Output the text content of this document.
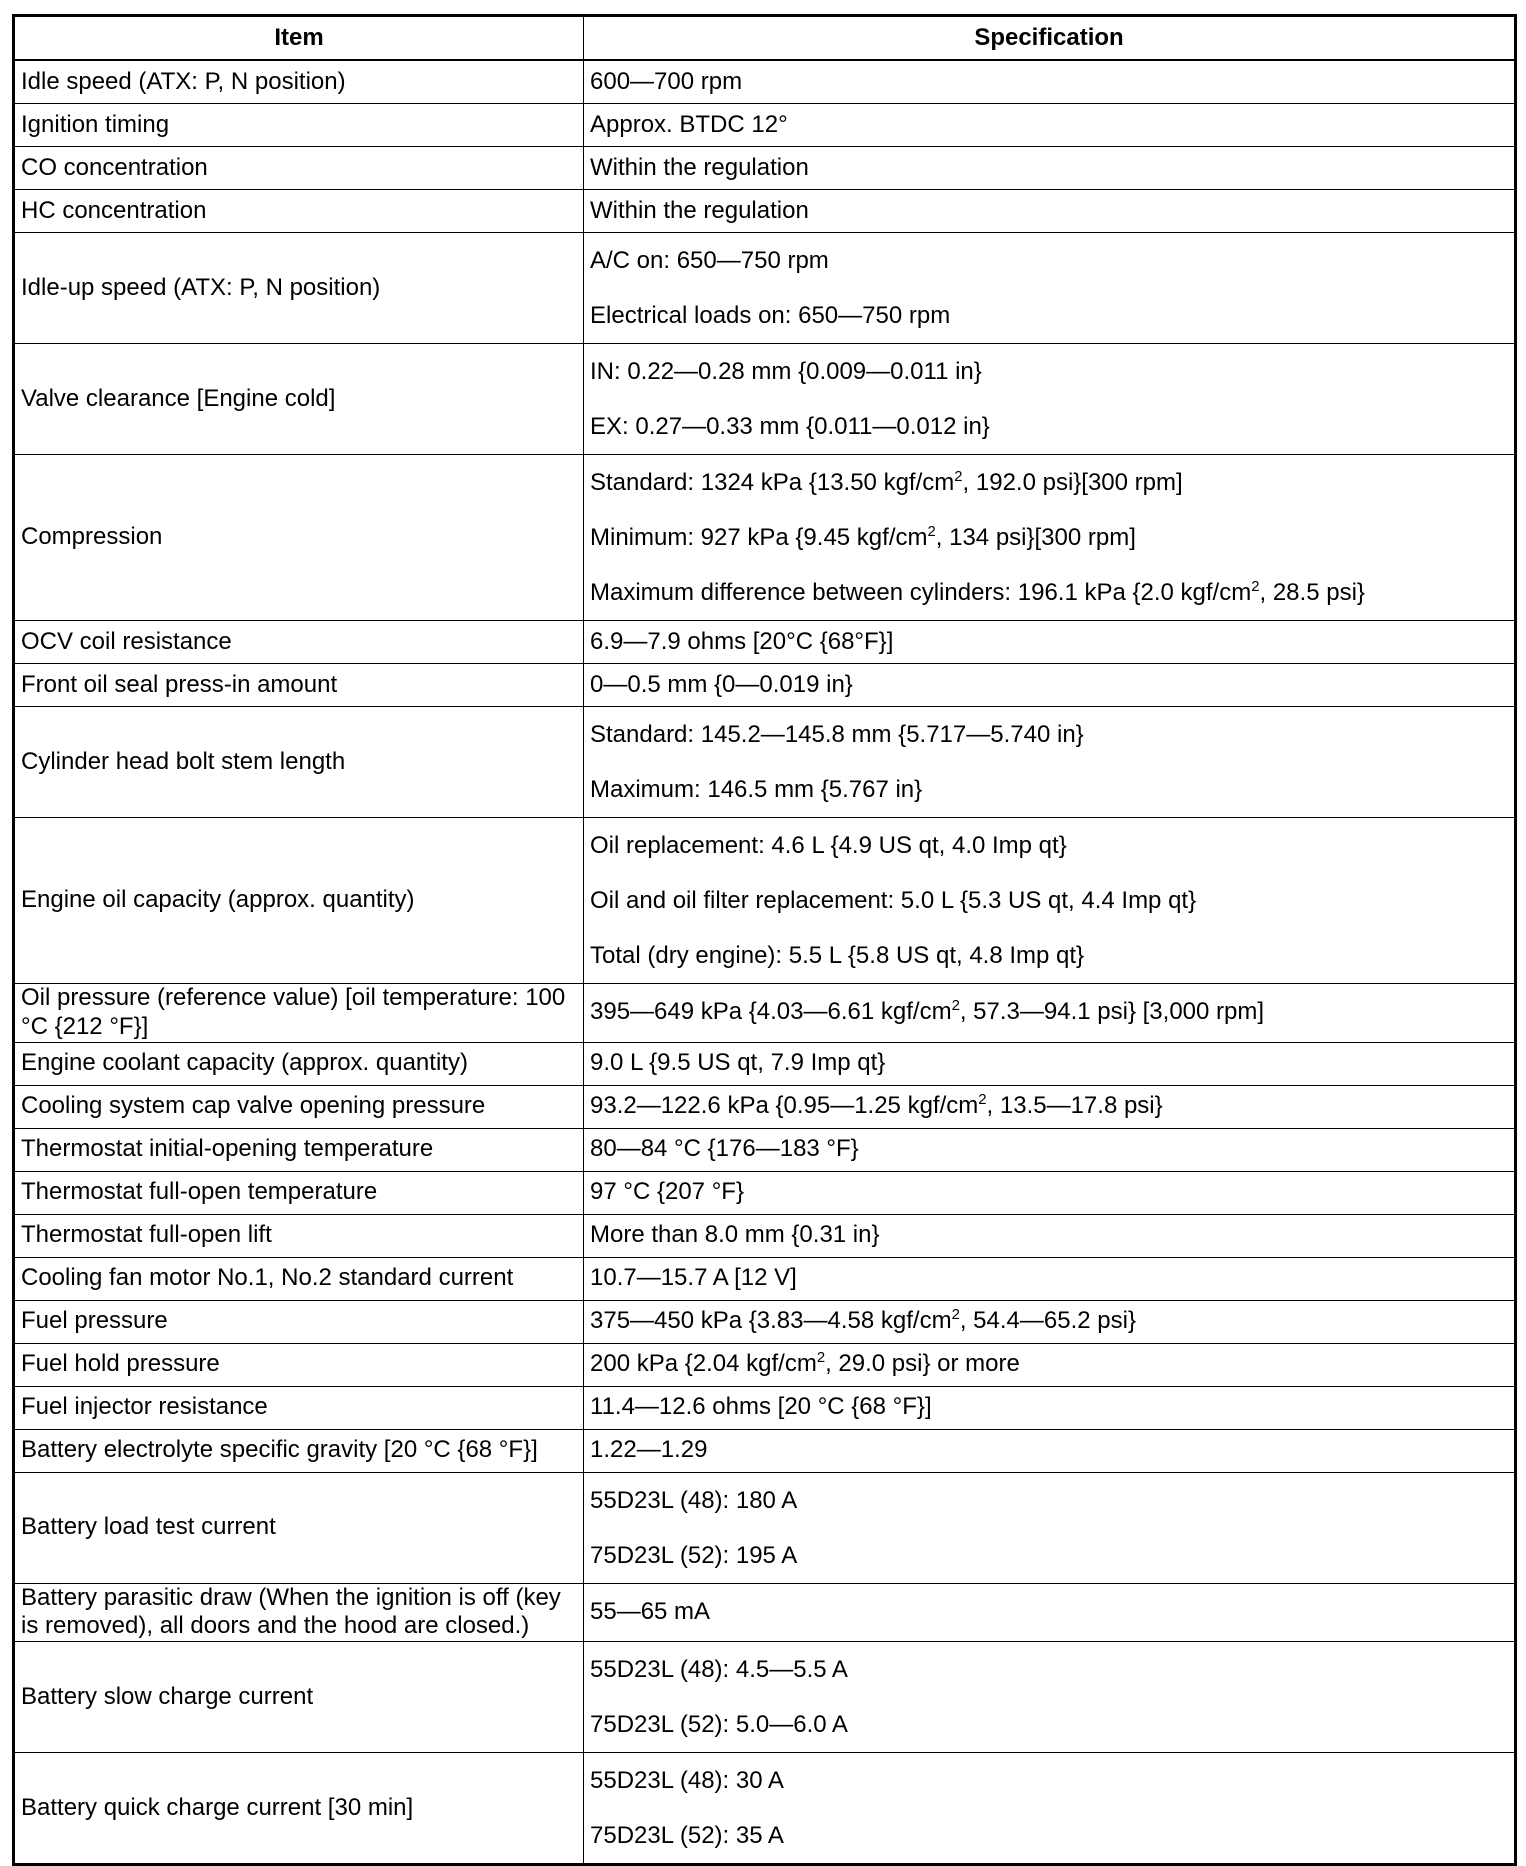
Item	Specification
Idle speed (ATX: P, N position)	600—700 rpm
Ignition timing	Approx. BTDC 12°
CO concentration	Within the regulation
HC concentration	Within the regulation
Idle-up speed (ATX: P, N position)	A/C on: 650—750 rpm
Electrical loads on: 650—750 rpm

Valve clearance [Engine cold]	IN: 0.22—0.28 mm {0.009—0.011 in}
EX: 0.27—0.33 mm {0.011—0.012 in}

Compression	Standard: 1324 kPa {13.50 kgf/$cm^2$, 192.0 psi}[300 rpm]
Minimum: 927 kPa {9.45 kgf/$cm^2$, 134 psi}[300 rpm]
Maximum difference between cylinders: 196.1 kPa {2.0 kgf/$cm^2$, 28.5 psi}

OCV coil resistance	6.9—7.9 ohms [20°C {68°F}]
Front oil seal press-in amount	0—0.5 mm {0—0.019 in}
Cylinder head bolt stem length	Standard: 145.2—145.8 mm {5.717—5.740 in}
Maximum: 146.5 mm {5.767 in}

Engine oil capacity (approx. quantity)	Oil replacement: 4.6 L {4.9 US qt, 4.0 Imp qt}
Oil and oil filter replacement: 5.0 L {5.3 US qt, 4.4 Imp qt}
Total (dry engine): 5.5 L {5.8 US qt, 4.8 Imp qt}

Oil pressure (reference value) [oil temperature: 100 °C {212 °F}]	395—649 kPa {4.03—6.61 kgf/$cm^2$, 57.3—94.1 psi} [3,000 rpm]
Engine coolant capacity (approx. quantity)	9.0 L {9.5 US qt, 7.9 Imp qt}
Cooling system cap valve opening pressure	93.2—122.6 kPa {0.95—1.25 kgf/$cm^2$, 13.5—17.8 psi}
Thermostat initial-opening temperature	80—84 °C {176—183 °F}
Thermostat full-open temperature	97 °C {207 °F}
Thermostat full-open lift	More than 8.0 mm {0.31 in}
Cooling fan motor No.1, No.2 standard current	10.7—15.7 A [12 V]
Fuel pressure	375—450 kPa {3.83—4.58 kgf/$cm^2$, 54.4—65.2 psi}
Fuel hold pressure	200 kPa {2.04 kgf/$cm^2$, 29.0 psi} or more
Fuel injector resistance	11.4—12.6 ohms [20 °C {68 °F}]
Battery electrolyte specific gravity [20 °C {68 °F}]	1.22—1.29
Battery load test current	55D23L (48): 180 A
75D23L (52): 195 A

Battery parasitic draw (When the ignition is off (key is removed), all doors and the hood are closed.)	55—65 mA
Battery slow charge current	55D23L (48): 4.5—5.5 A
75D23L (52): 5.0—6.0 A

Battery quick charge current [30 min]	55D23L (48): 30 A
75D23L (52): 35 A
